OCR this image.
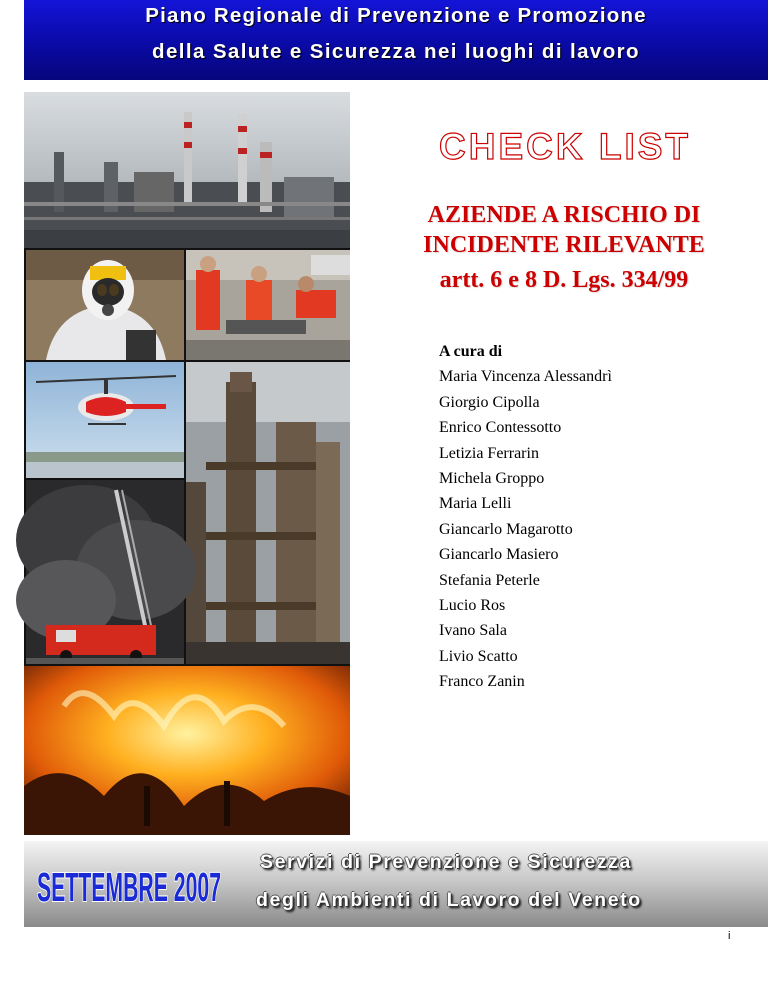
Piano Regionale di Prevenzione e Promozione
della Salute e Sicurezza nei luoghi di lavoro
CHECK LIST
AZIENDE A RISCHIO DI
INCIDENTE RILEVANTE
artt. 6 e 8 D. Lgs. 334/99
A cura di
Maria Vincenza Alessandrì
Giorgio Cipolla
Enrico Contessotto
Letizia Ferrarin
Michela Groppo
Maria Lelli
Giancarlo Magarotto
Giancarlo Masiero
Stefania Peterle
Lucio Ros
Ivano Sala
Livio Scatto
Franco Zanin
SETTEMBRE 2007
Servizi di Prevenzione e Sicurezza
degli Ambienti di Lavoro del Veneto
i
